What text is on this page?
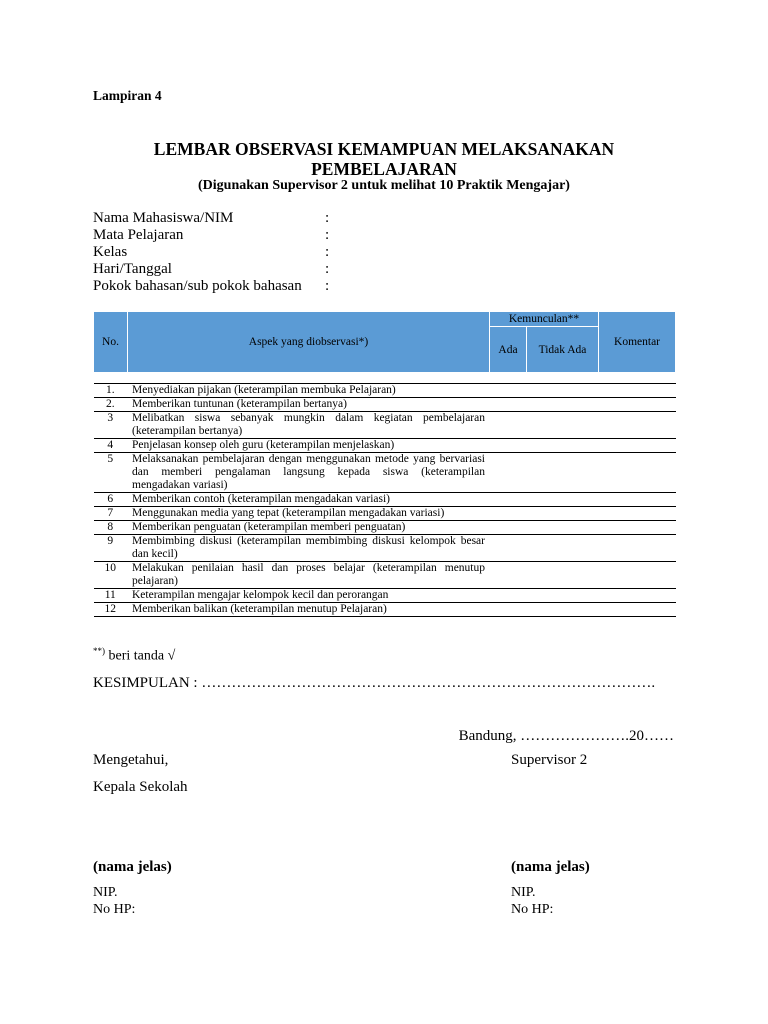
Lampiran 4
LEMBAR OBSERVASI KEMAMPUAN MELAKSANAKAN
PEMBELAJARAN
(Digunakan Supervisor 2 untuk melihat 10 Praktik Mengajar)
Nama Mahasiswa/NIM	:
Mata Pelajaran	:
Kelas	:
Hari/Tanggal	:
Pokok bahasan/sub pokok bahasan	:
No.	Aspek yang diobservasi*)	Kemunculan**		Komentar
		Ada	Tidak Ada	

1.	Menyediakan pijakan (keterampilan membuka Pelajaran)			

2.	Memberikan tuntunan (keterampilan bertanya)			

3	Melibatkan siswa sebanyak mungkin dalam kegiatan pembelajaran (keterampilan bertanya)			

4	Penjelasan konsep oleh guru (keterampilan menjelaskan)			

5	Melaksanakan pembelajaran dengan menggunakan metode yang bervariasi dan memberi pengalaman langsung kepada siswa (keterampilan mengadakan variasi)			

6	Memberikan contoh (keterampilan mengadakan variasi)			

7	Menggunakan media yang tepat (keterampilan mengadakan variasi)			

8	Memberikan penguatan (keterampilan memberi penguatan)			

9	Membimbing diskusi (keterampilan membimbing diskusi kelompok besar dan kecil)			

10	Melakukan penilaian hasil dan proses belajar (keterampilan menutup pelajaran)			

11	Keterampilan mengajar kelompok kecil dan perorangan			

12	Memberikan balikan (keterampilan menutup Pelajaran)			

**) beri tanda √
KESIMPULAN : ……………………………………………………………………………….
Bandung, ………………….20……
Mengetahui,
Kepala Sekolah
Supervisor 2
(nama jelas)	(nama jelas)
NIP.
No HP:
NIP.
No HP:
